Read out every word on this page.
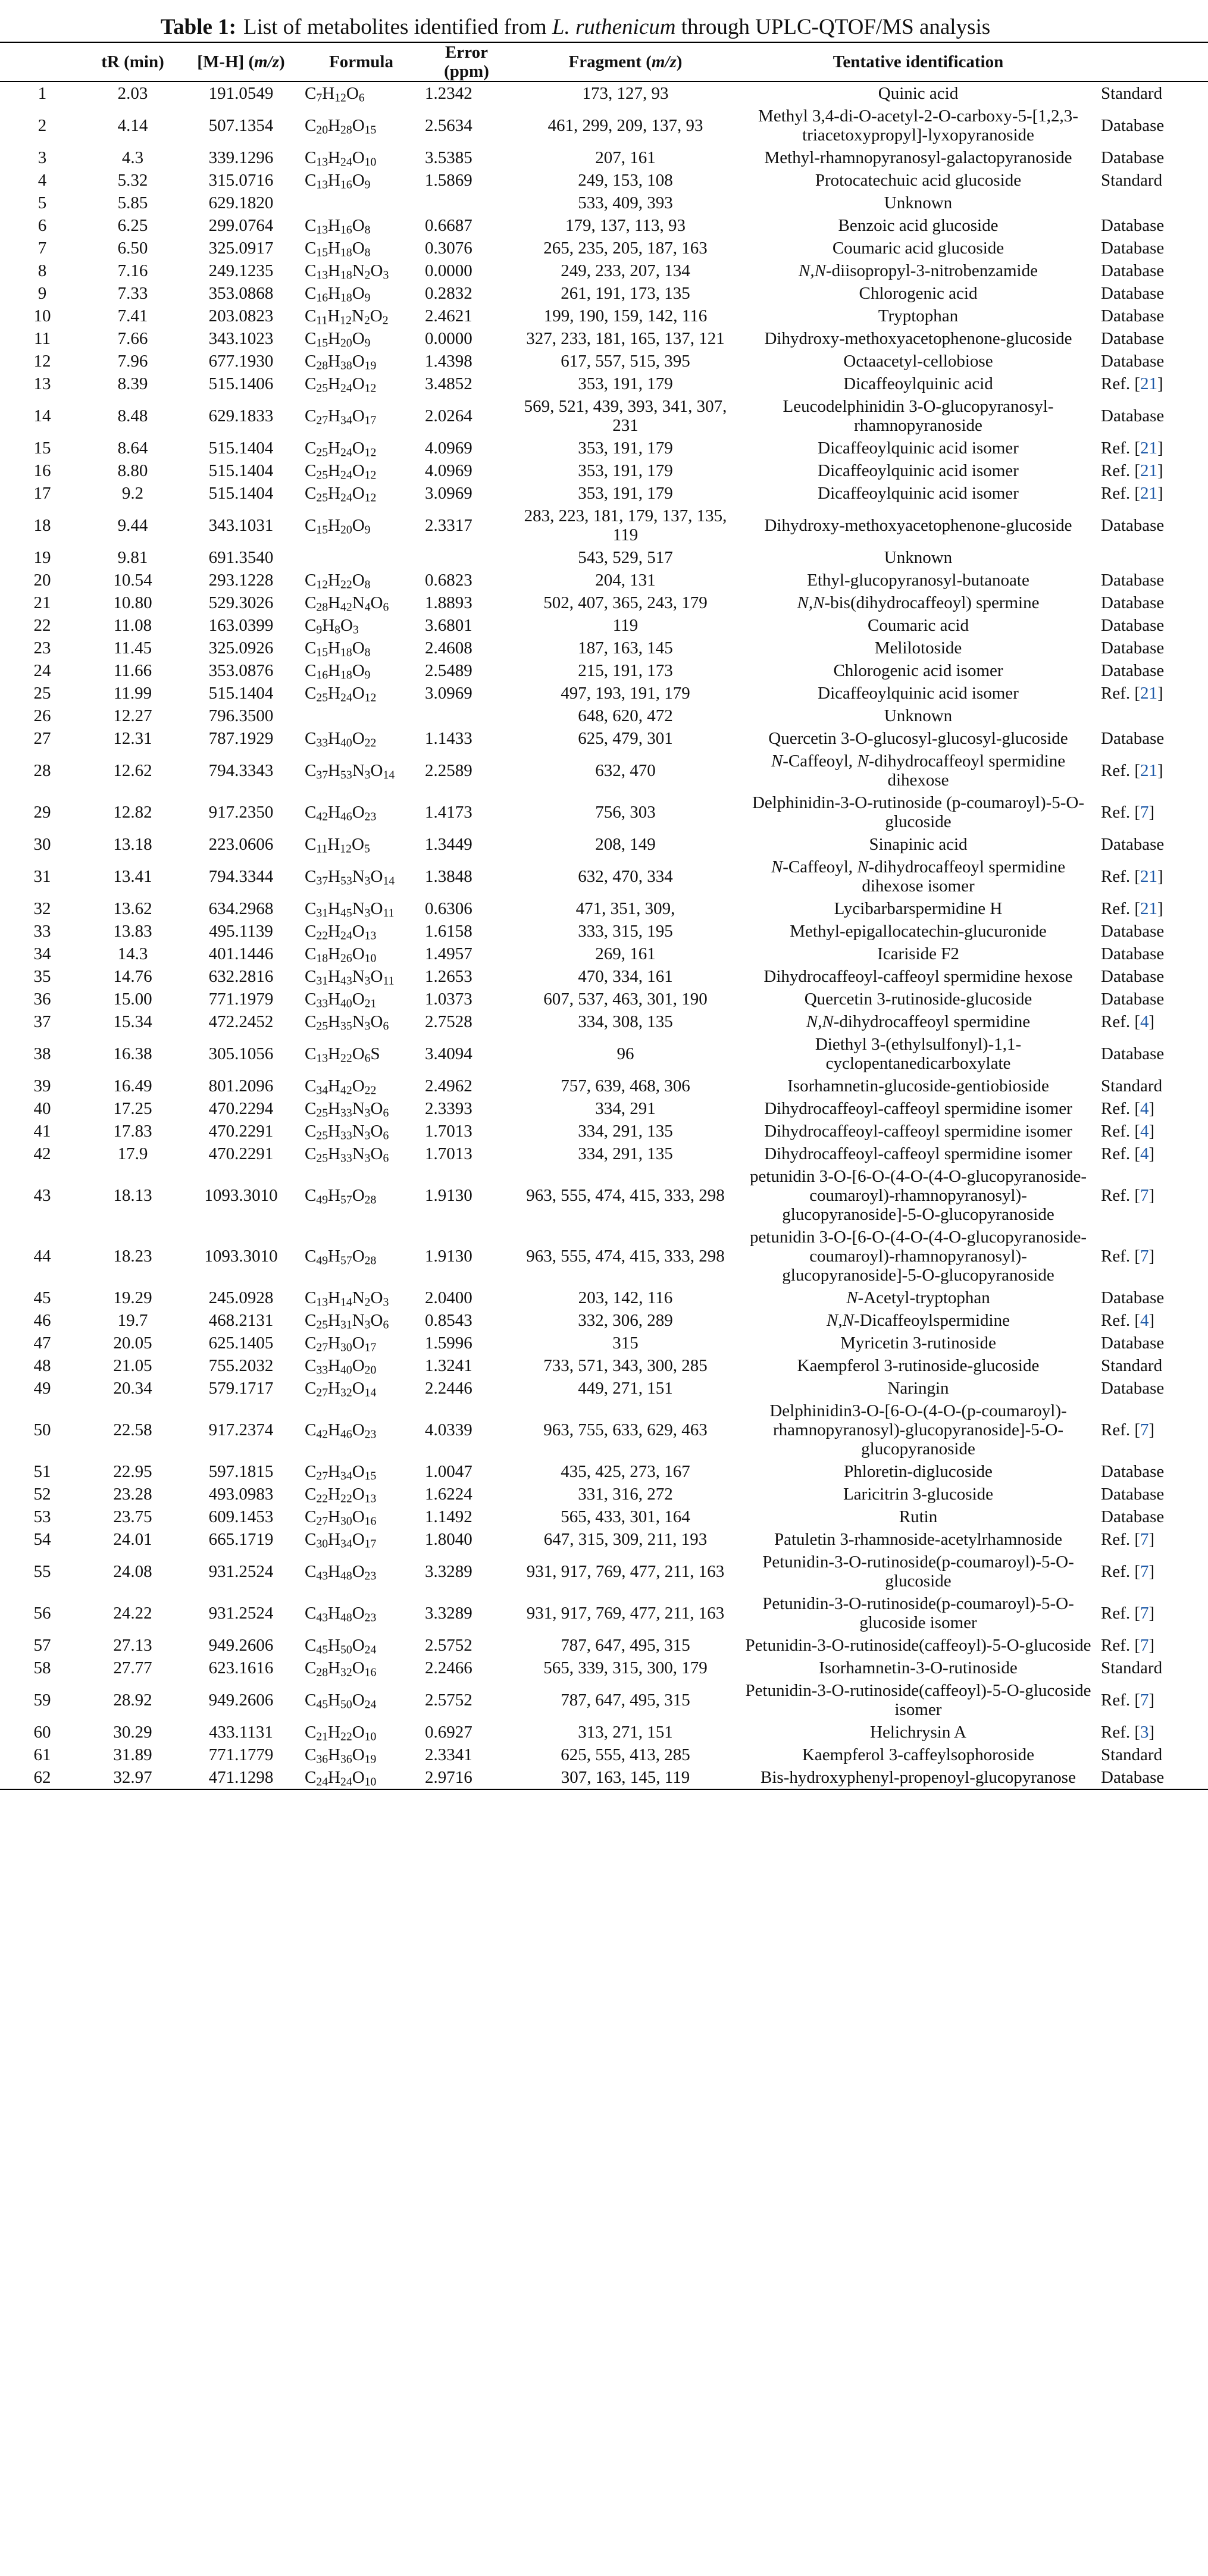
Table 1: List of metabolites identified from
L. ruthenicum
through UPLC-QTOF/MS analysis
	tR (min)	[M-H] (m/z)	Formula	Error (ppm)	Fragment (m/z)	Tentative identification	
1	2.03	191.0549	$C_7H_{12}O_6$	1.2342	173, 127, 93	Quinic acid	Standard
2	4.14	507.1354	$C_{20}H_{28}O_{15}$	2.5634	461, 299, 209, 137, 93	Methyl 3,4-di-O-acetyl-2-O-carboxy-5-[1,2,3-triacetoxypropyl]-lyxopyranoside	Database
3	4.3	339.1296	$C_{13}H_{24}O_{10}$	3.5385	207, 161	Methyl-rhamnopyranosyl-galactopyranoside	Database
4	5.32	315.0716	$C_{13}H_{16}O_9$	1.5869	249, 153, 108	Protocatechuic acid glucoside	Standard
5	5.85	629.1820			533, 409, 393	Unknown	
6	6.25	299.0764	$C_{13}H_{16}O_8$	0.6687	179, 137, 113, 93	Benzoic acid glucoside	Database
7	6.50	325.0917	$C_{15}H_{18}O_8$	0.3076	265, 235, 205, 187, 163	Coumaric acid glucoside	Database
8	7.16	249.1235	$C_{13}H_{18}N_2O_3$	0.0000	249, 233, 207, 134	N,N-diisopropyl-3-nitrobenzamide	Database
9	7.33	353.0868	$C_{16}H_{18}O_9$	0.2832	261, 191, 173, 135	Chlorogenic acid	Database
10	7.41	203.0823	$C_{11}H_{12}N_2O_2$	2.4621	199, 190, 159, 142, 116	Tryptophan	Database
11	7.66	343.1023	$C_{15}H_{20}O_9$	0.0000	327, 233, 181, 165, 137, 121	Dihydroxy-methoxyacetophenone-glucoside	Database
12	7.96	677.1930	$C_{28}H_{38}O_{19}$	1.4398	617, 557, 515, 395	Octaacetyl-cellobiose	Database
13	8.39	515.1406	$C_{25}H_{24}O_{12}$	3.4852	353, 191, 179	Dicaffeoylquinic acid	Ref. [21]
14	8.48	629.1833	$C_{27}H_{34}O_{17}$	2.0264	569, 521, 439, 393, 341, 307, 231	Leucodelphinidin 3-O-glucopyranosyl-rhamnopyranoside	Database
15	8.64	515.1404	$C_{25}H_{24}O_{12}$	4.0969	353, 191, 179	Dicaffeoylquinic acid isomer	Ref. [21]
16	8.80	515.1404	$C_{25}H_{24}O_{12}$	4.0969	353, 191, 179	Dicaffeoylquinic acid isomer	Ref. [21]
17	9.2	515.1404	$C_{25}H_{24}O_{12}$	3.0969	353, 191, 179	Dicaffeoylquinic acid isomer	Ref. [21]
18	9.44	343.1031	$C_{15}H_{20}O_9$	2.3317	283, 223, 181, 179, 137, 135, 119	Dihydroxy-methoxyacetophenone-glucoside	Database
19	9.81	691.3540			543, 529, 517	Unknown	
20	10.54	293.1228	$C_{12}H_{22}O_8$	0.6823	204, 131	Ethyl-glucopyranosyl-butanoate	Database
21	10.80	529.3026	$C_{28}H_{42}N_4O_6$	1.8893	502, 407, 365, 243, 179	N,N-bis(dihydrocaffeoyl) spermine	Database
22	11.08	163.0399	$C_9H_8O_3$	3.6801	119	Coumaric acid	Database
23	11.45	325.0926	$C_{15}H_{18}O_8$	2.4608	187, 163, 145	Melilotoside	Database
24	11.66	353.0876	$C_{16}H_{18}O_9$	2.5489	215, 191, 173	Chlorogenic acid isomer	Database
25	11.99	515.1404	$C_{25}H_{24}O_{12}$	3.0969	497, 193, 191, 179	Dicaffeoylquinic acid isomer	Ref. [21]
26	12.27	796.3500			648, 620, 472	Unknown	
27	12.31	787.1929	$C_{33}H_{40}O_{22}$	1.1433	625, 479, 301	Quercetin 3-O-glucosyl-glucosyl-glucoside	Database
28	12.62	794.3343	$C_{37}H_{53}N_3O_{14}$	2.2589	632, 470	N-Caffeoyl, N-dihydrocaffeoyl spermidine dihexose	Ref. [21]
29	12.82	917.2350	$C_{42}H_{46}O_{23}$	1.4173	756, 303	Delphinidin-3-O-rutinoside (p-coumaroyl)-5-O-glucoside	Ref. [7]
30	13.18	223.0606	$C_{11}H_{12}O_5$	1.3449	208, 149	Sinapinic acid	Database
31	13.41	794.3344	$C_{37}H_{53}N_3O_{14}$	1.3848	632, 470, 334	N-Caffeoyl, N-dihydrocaffeoyl spermidine dihexose isomer	Ref. [21]
32	13.62	634.2968	$C_{31}H_{45}N_3O_{11}$	0.6306	471, 351, 309,	Lycibarbarspermidine H	Ref. [21]
33	13.83	495.1139	$C_{22}H_{24}O_{13}$	1.6158	333, 315, 195	Methyl-epigallocatechin-glucuronide	Database
34	14.3	401.1446	$C_{18}H_{26}O_{10}$	1.4957	269, 161	Icariside F2	Database
35	14.76	632.2816	$C_{31}H_{43}N_3O_{11}$	1.2653	470, 334, 161	Dihydrocaffeoyl-caffeoyl spermidine hexose	Database
36	15.00	771.1979	$C_{33}H_{40}O_{21}$	1.0373	607, 537, 463, 301, 190	Quercetin 3-rutinoside-glucoside	Database
37	15.34	472.2452	$C_{25}H_{35}N_3O_6$	2.7528	334, 308, 135	N,N-dihydrocaffeoyl spermidine	Ref. [4]
38	16.38	305.1056	$C_{13}H_{22}O_6S$	3.4094	96	Diethyl 3-(ethylsulfonyl)-1,1-cyclopentanedicarboxylate	Database
39	16.49	801.2096	$C_{34}H_{42}O_{22}$	2.4962	757, 639, 468, 306	Isorhamnetin-glucoside-gentiobioside	Standard
40	17.25	470.2294	$C_{25}H_{33}N_3O_6$	2.3393	334, 291	Dihydrocaffeoyl-caffeoyl spermidine isomer	Ref. [4]
41	17.83	470.2291	$C_{25}H_{33}N_3O_6$	1.7013	334, 291, 135	Dihydrocaffeoyl-caffeoyl spermidine isomer	Ref. [4]
42	17.9	470.2291	$C_{25}H_{33}N_3O_6$	1.7013	334, 291, 135	Dihydrocaffeoyl-caffeoyl spermidine isomer	Ref. [4]
43	18.13	1093.3010	$C_{49}H_{57}O_{28}$	1.9130	963, 555, 474, 415, 333, 298	petunidin 3-O-[6-O-(4-O-(4-O-glucopyranoside-coumaroyl)-rhamnopyranosyl)-glucopyranoside]-5-O-glucopyranoside	Ref. [7]
44	18.23	1093.3010	$C_{49}H_{57}O_{28}$	1.9130	963, 555, 474, 415, 333, 298	petunidin 3-O-[6-O-(4-O-(4-O-glucopyranoside-coumaroyl)-rhamnopyranosyl)-glucopyranoside]-5-O-glucopyranoside	Ref. [7]
45	19.29	245.0928	$C_{13}H_{14}N_2O_3$	2.0400	203, 142, 116	N-Acetyl-tryptophan	Database
46	19.7	468.2131	$C_{25}H_{31}N_3O_6$	0.8543	332, 306, 289	N,N-Dicaffeoylspermidine	Ref. [4]
47	20.05	625.1405	$C_{27}H_{30}O_{17}$	1.5996	315	Myricetin 3-rutinoside	Database
48	21.05	755.2032	$C_{33}H_{40}O_{20}$	1.3241	733, 571, 343, 300, 285	Kaempferol 3-rutinoside-glucoside	Standard
49	20.34	579.1717	$C_{27}H_{32}O_{14}$	2.2446	449, 271, 151	Naringin	Database
50	22.58	917.2374	$C_{42}H_{46}O_{23}$	4.0339	963, 755, 633, 629, 463	Delphinidin3-O-[6-O-(4-O-(p-coumaroyl)-rhamnopyranosyl)-glucopyranoside]-5-O-glucopyranoside	Ref. [7]
51	22.95	597.1815	$C_{27}H_{34}O_{15}$	1.0047	435, 425, 273, 167	Phloretin-diglucoside	Database
52	23.28	493.0983	$C_{22}H_{22}O_{13}$	1.6224	331, 316, 272	Laricitrin 3-glucoside	Database
53	23.75	609.1453	$C_{27}H_{30}O_{16}$	1.1492	565, 433, 301, 164	Rutin	Database
54	24.01	665.1719	$C_{30}H_{34}O_{17}$	1.8040	647, 315, 309, 211, 193	Patuletin 3-rhamnoside-acetylrhamnoside	Ref. [7]
55	24.08	931.2524	$C_{43}H_{48}O_{23}$	3.3289	931, 917, 769, 477, 211, 163	Petunidin-3-O-rutinoside(p-coumaroyl)-5-O-glucoside	Ref. [7]
56	24.22	931.2524	$C_{43}H_{48}O_{23}$	3.3289	931, 917, 769, 477, 211, 163	Petunidin-3-O-rutinoside(p-coumaroyl)-5-O-glucoside isomer	Ref. [7]
57	27.13	949.2606	$C_{45}H_{50}O_{24}$	2.5752	787, 647, 495, 315	Petunidin-3-O-rutinoside(caffeoyl)-5-O-glucoside	Ref. [7]
58	27.77	623.1616	$C_{28}H_{32}O_{16}$	2.2466	565, 339, 315, 300, 179	Isorhamnetin-3-O-rutinoside	Standard
59	28.92	949.2606	$C_{45}H_{50}O_{24}$	2.5752	787, 647, 495, 315	Petunidin-3-O-rutinoside(caffeoyl)-5-O-glucoside isomer	Ref. [7]
60	30.29	433.1131	$C_{21}H_{22}O_{10}$	0.6927	313, 271, 151	Helichrysin A	Ref. [3]
61	31.89	771.1779	$C_{36}H_{36}O_{19}$	2.3341	625, 555, 413, 285	Kaempferol 3-caffeylsophoroside	Standard
62	32.97	471.1298	$C_{24}H_{24}O_{10}$	2.9716	307, 163, 145, 119	Bis-hydroxyphenyl-propenoyl-glucopyranose	Database
